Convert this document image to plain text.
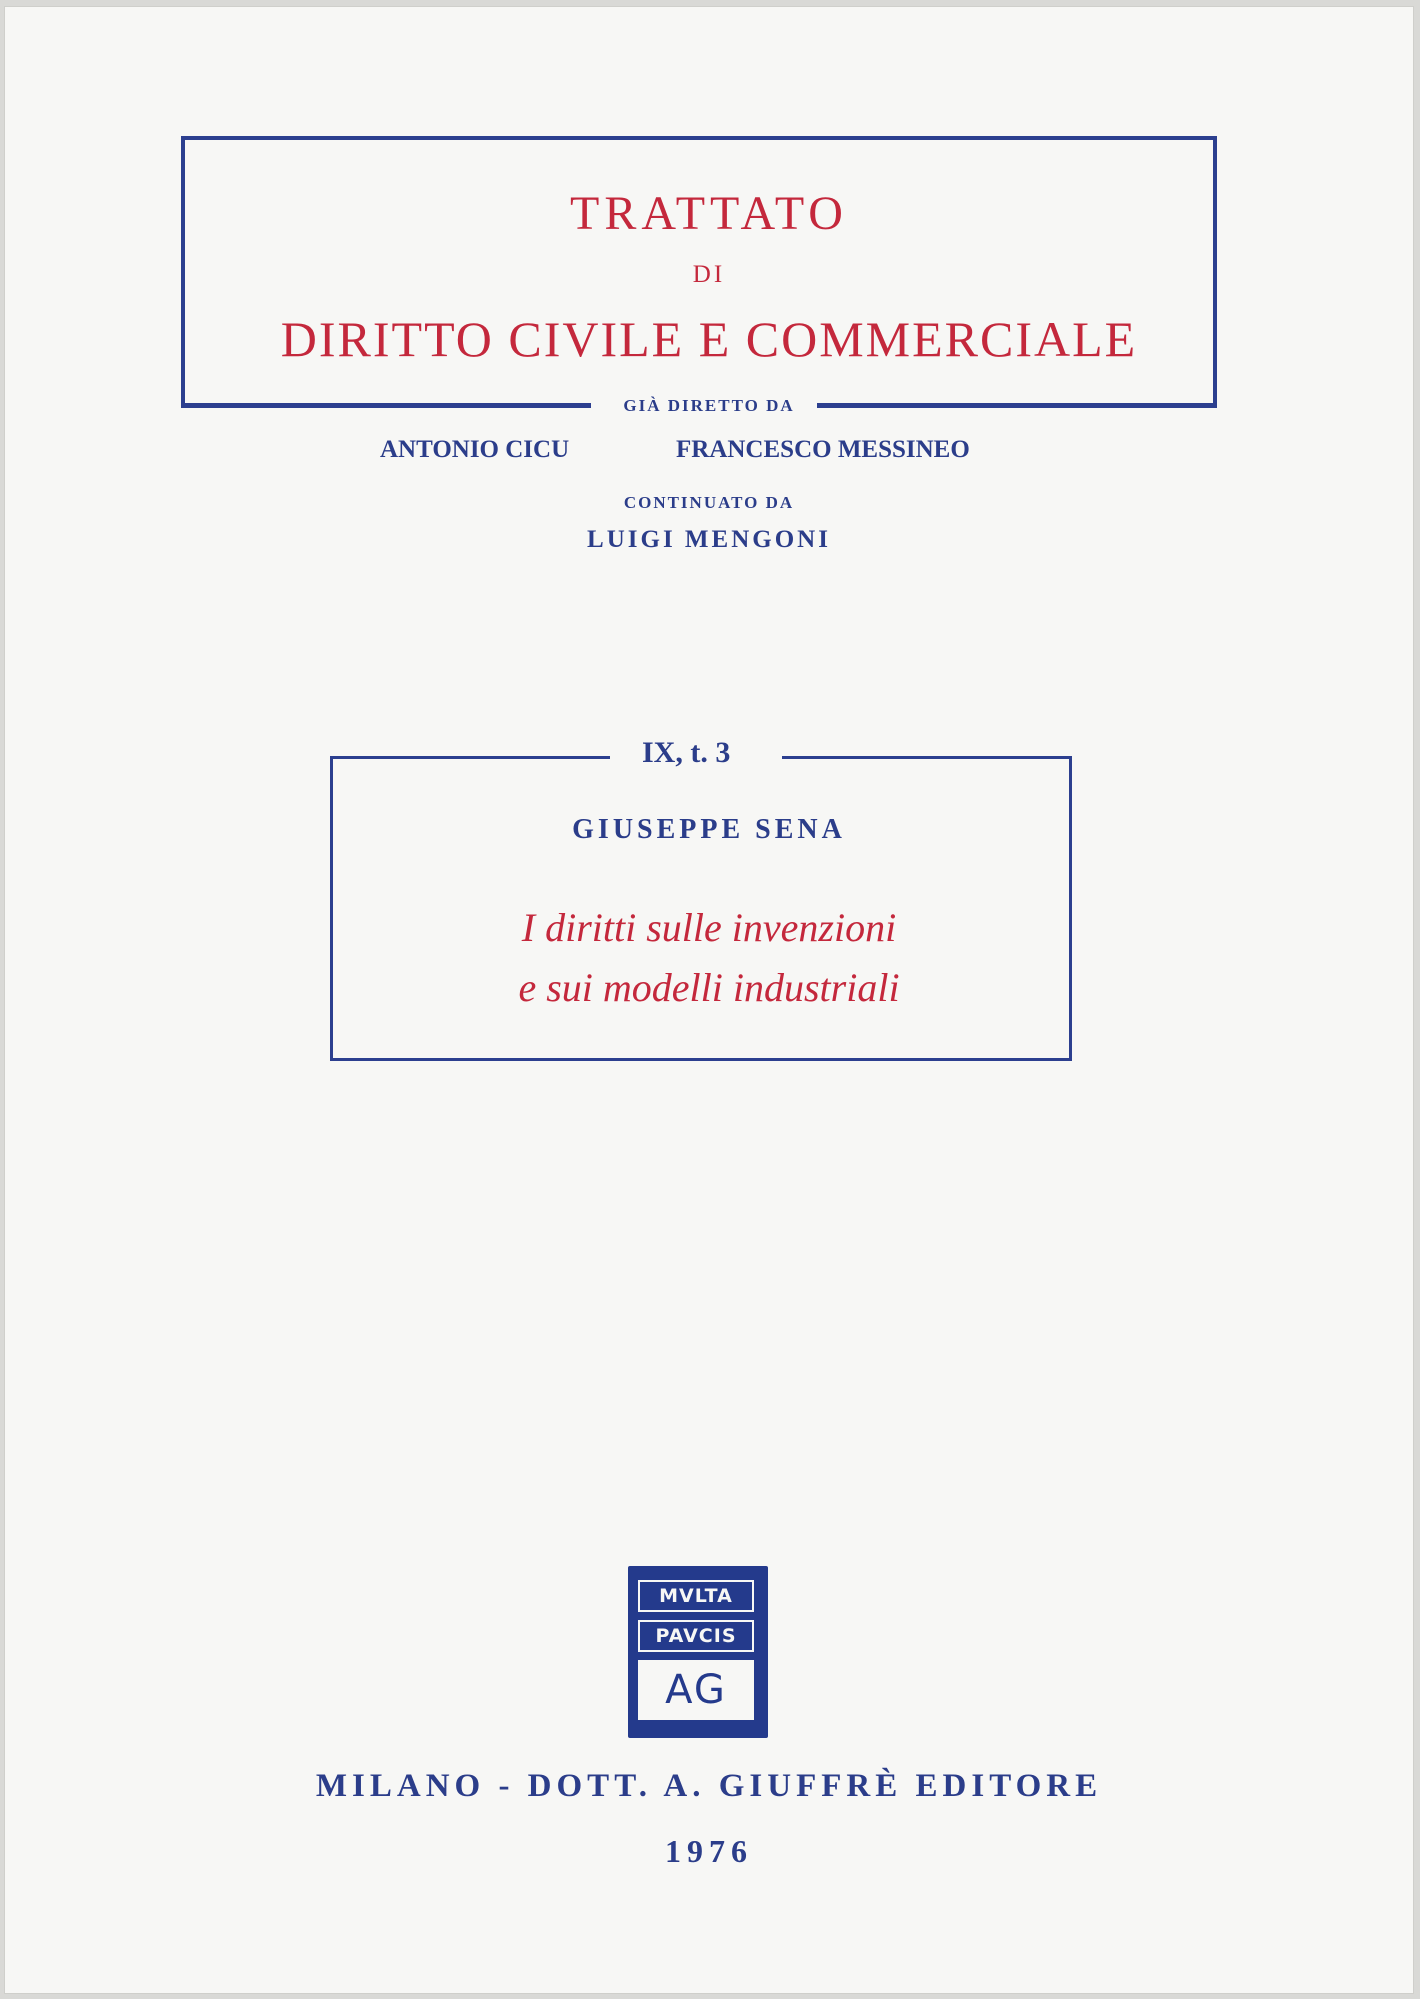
TRATTATO
DI
DIRITTO CIVILE E COMMERCIALE
GIÀ DIRETTO DA
ANTONIO CICU	FRANCESCO MESSINEO
CONTINUATO DA
LUIGI MENGONI
IX, t. 3
GIUSEPPE SENA
I diritti sulle invenzioni
e sui modelli industriali
MVLTA
PAVCIS
AG
MILANO - DOTT. A. GIUFFRÈ EDITORE
1976
